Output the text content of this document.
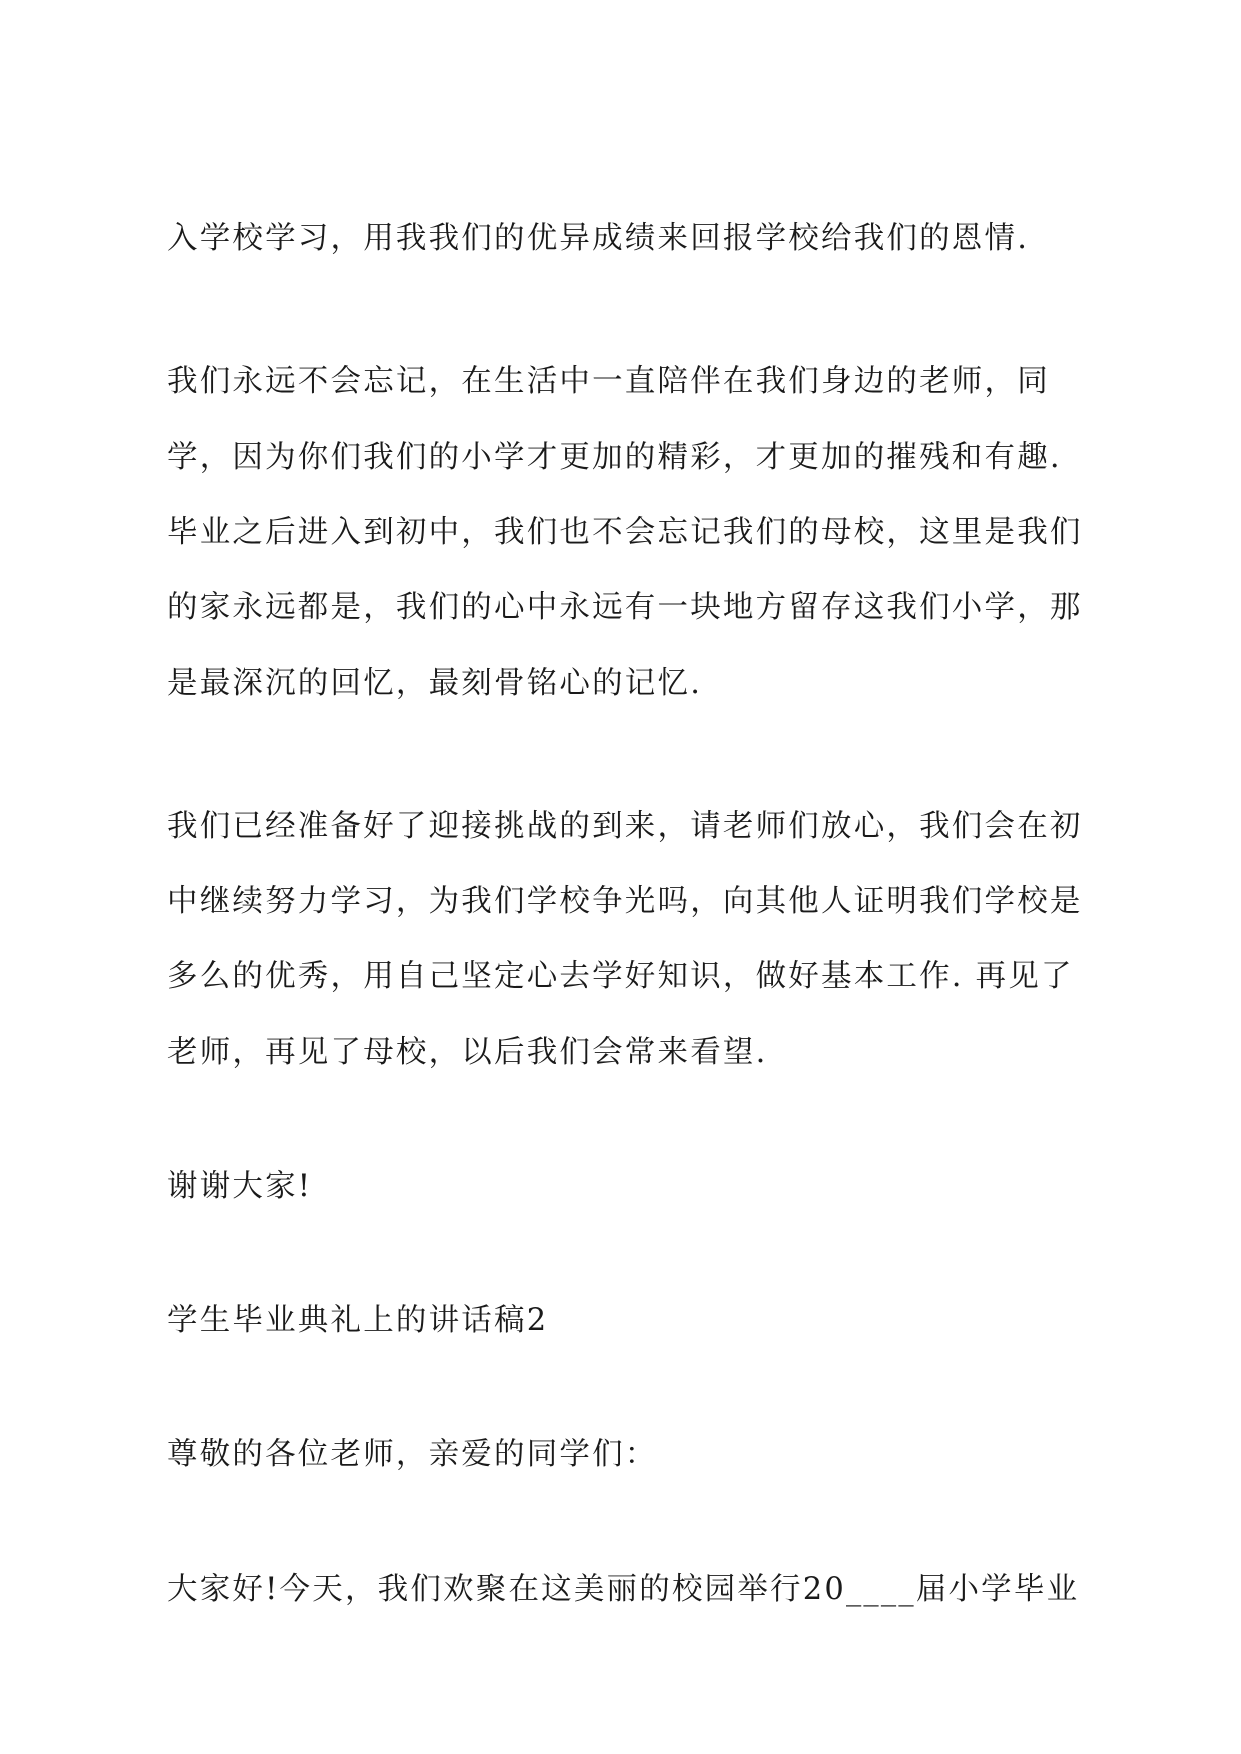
入学校学习，用我我们的优异成绩来回报学校给我们的恩情.
我们永远不会忘记，在生活中一直陪伴在我们身边的老师，同
学，因为你们我们的小学才更加的精彩，才更加的摧残和有趣.
毕业之后进入到初中，我们也不会忘记我们的母校，这里是我们
的家永远都是，我们的心中永远有一块地方留存这我们小学，那
是最深沉的回忆，最刻骨铭心的记忆.
我们已经准备好了迎接挑战的到来，请老师们放心，我们会在初
中继续努力学习，为我们学校争光吗，向其他人证明我们学校是
多么的优秀，用自己坚定心去学好知识，做好基本工作. 再见了
老师，再见了母校，以后我们会常来看望.
谢谢大家!
学生毕业典礼上的讲话稿2
尊敬的各位老师，亲爱的同学们：
大家好!今天，我们欢聚在这美丽的校园举行20____届小学毕业
